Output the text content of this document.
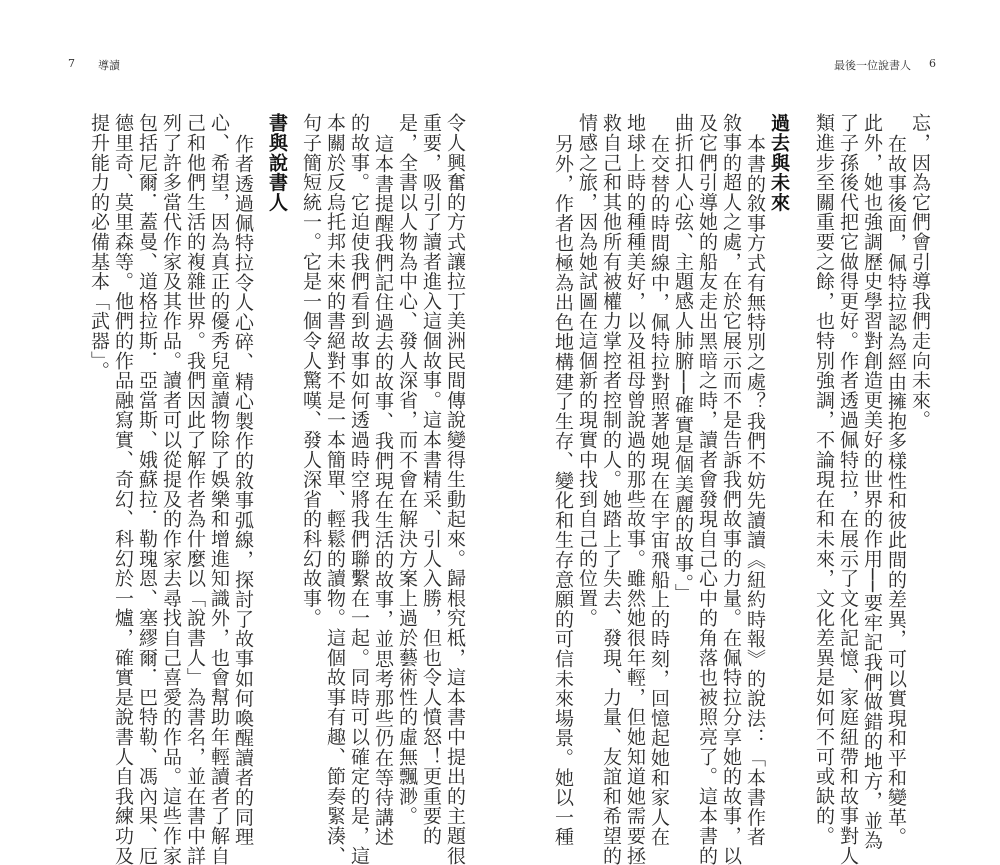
7 導讀	最後一位說書人 6
令人興奮的方式讓拉丁美洲民間傳說變得生動起來。歸根究柢，這本書中提出的主題很
重要，吸引了讀者進入這個故事。這本書精采、引人入勝，但也令人憤怒！更重要的
是，全書以人物為中心、發人深省，而不會在解決方案上過於藝術性的虛無飄渺。
這本書提醒我們記住過去的故事、我們現在生活的故事，並思考那些仍在等待講述
的故事。它迫使我們看到故事如何透過時空將我們聯繫在一起。同時可以確定的是，這
本關於反烏托邦未來的書絕對不是一本簡單、輕鬆的讀物。這個故事有趣、節奏緊湊、
句子簡短統一。它是一個令人驚嘆、發人深省的科幻故事。
書與說書人
作者透過佩特拉令人心碎、精心製作的敘事弧線，探討了故事如何喚醒讀者的同理
心、希望，因為真正的優秀兒童讀物除了娛樂和增進知識外，也會幫助年輕讀者了解自
己和他們生活的複雜世界。我們因此了解作者為什麼以「說書人」為書名，並在書中詳
列了許多當代作家及其作品。讀者可以從提及的作家去尋找自己喜愛的作品。這些作家
包括尼爾．蓋曼、道格拉斯．亞當斯、娥蘇拉．勒瑰恩、塞繆爾．巴特勒、馮內果、厄
德里奇、莫里森等。他們的作品融寫實、奇幻、科幻於一爐，確實是說書人自我練功及
提升能力的必備基本「武器」。	忘，因為它們會引導我們走向未來。
在故事後面，佩特拉認為經由擁抱多樣性和彼此間的差異，可以實現和平和變革。
此外，她也強調歷史學習對創造更美好的世界的作用──要牢記我們做錯的地方，並為
了子孫後代把它做得更好。作者透過佩特拉，在展示了文化記憶、家庭紐帶和故事對人
類進步至關重要之餘，也特別強調，不論現在和未來，文化差異是如何不可或缺的。
過去與未來
本書的敘事方式有無特別之處？我們不妨先讀讀《紐約時報》的說法：「本書作者
敘事的超人之處，在於它展示而不是告訴我們故事的力量。在佩特拉分享她的故事，以
及它們引導她的船友走出黑暗之時，讀者會發現自己心中的角落也被照亮了。這本書的
曲折扣人心弦、主題感人肺腑──確實是個美麗的故事。」
在交替的時間線中，佩特拉對照著她現在在宇宙飛船上的時刻，回憶起她和家人在
地球上時的種種美好，以及祖母曾說過的那些故事。雖然她很年輕，但她知道她需要拯
救自己和其他所有被權力掌控者控制的人。她踏上了失去、發現、力量、友誼和希望的
情感之旅，因為她試圖在這個新的現實中找到自己的位置。
另外，作者也極為出色地構建了生存、變化和生存意願的可信未來場景。她以一種
